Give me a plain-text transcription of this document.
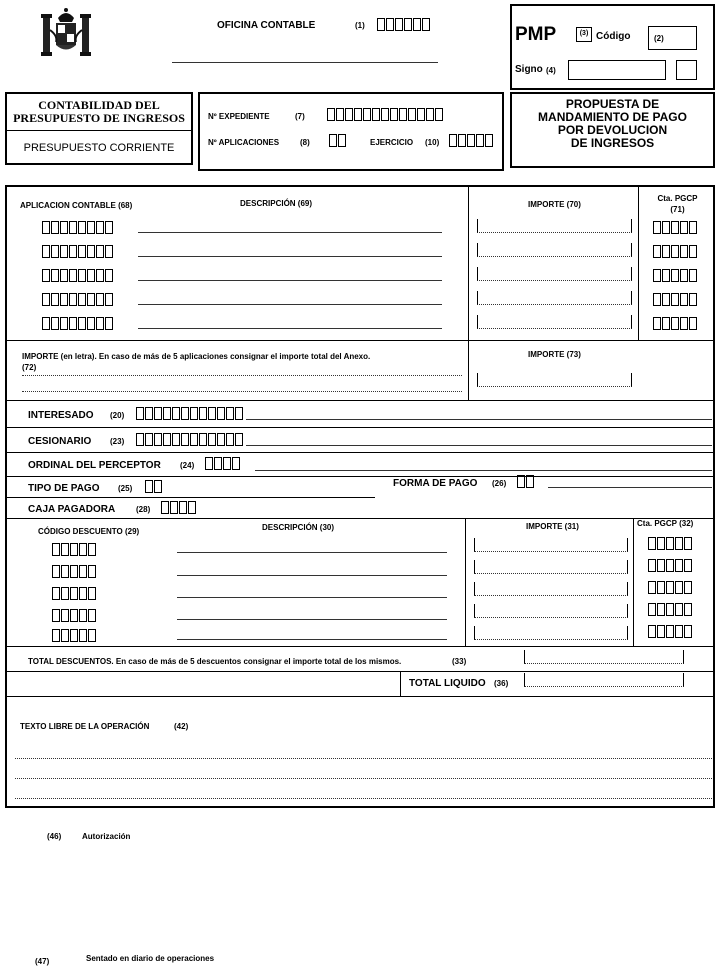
OFICINA CONTABLE	(1)	PMP	(3) Código	(2)
Signo (4)
CONTABILIDAD DEL
PRESUPUESTO DE INGRESOS
PRESUPUESTO CORRIENTE
Nº EXPEDIENTE	(7)
Nº APLICACIONES	(8)	EJERCICIO (10)
PROPUESTA DE
MANDAMIENTO DE PAGO
POR DEVOLUCION
DE INGRESOS
APLICACION CONTABLE (68)	DESCRIPCIÓN (69)	IMPORTE (70)
Cta. PGCP
(71)
IMPORTE (en letra). En caso de más de 5 aplicaciones consignar el importe total del Anexo.
(72)
IMPORTE (73)
INTERESADO (20)
CESIONARIO (23)
ORDINAL DEL PERCEPTOR (24)
TIPO DE PAGO (25)	FORMA DE PAGO (26)
CAJA PAGADORA	(28)
CÓDIGO DESCUENTO (29)	DESCRIPCIÓN (30)	IMPORTE (31)	Cta. PGCP (32)
TOTAL DESCUENTOS. En caso de más de 5 descuentos consignar el importe total de los mismos.	(33)
TOTAL LIQUIDO (36)
TEXTO LIBRE DE LA OPERACIÓN	(42)
(46)	Autorización
(47)	Sentado en diario de operaciones
